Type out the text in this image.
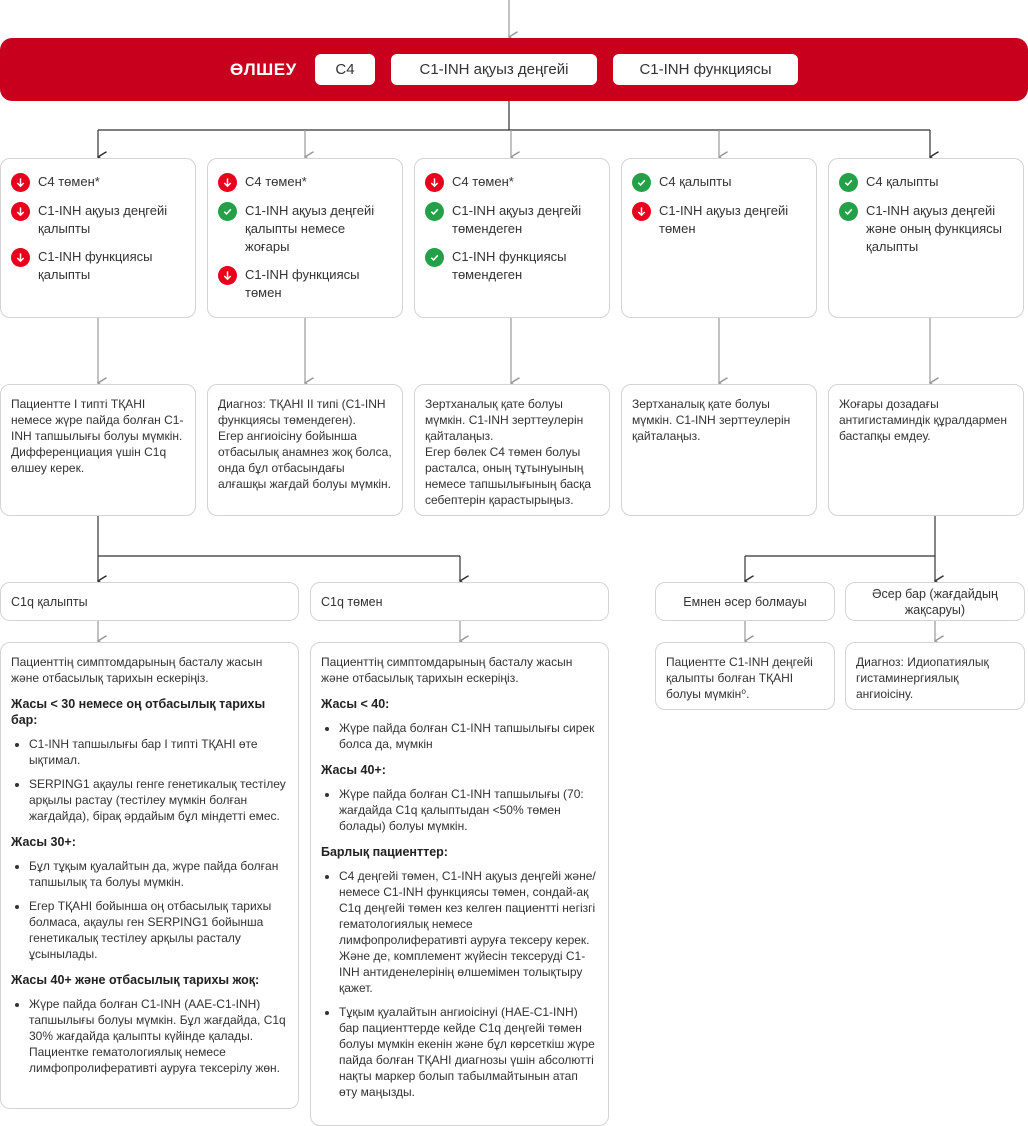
ӨЛШЕУ	C4	C1-INH ақуыз деңгейі	C1-INH функциясы
C4 төмен*
C1-INH ақуыз деңгейі қалыпты
C1-INH функциясы қалыпты
C4 төмен*
C1-INH ақуыз деңгейі қалыпты немесе жоғары
C1-INH функциясы төмен
C4 төмен*
C1-INH ақуыз деңгейі төмендеген
C1-INH функциясы төмендеген
C4 қалыпты
C1-INH ақуыз деңгейі төмен
C4 қалыпты
C1-INH ақуыз деңгейі және оның функциясы қалыпты
Пациентте I типті ТҚАНІ немесе жүре пайда болған C1-INH тапшылығы болуы мүмкін.
Дифференциация үшін C1q өлшеу керек.
Диагноз: ТҚАНІ II типі (C1-INH функциясы төмендеген).
Егер ангиоісіну бойынша отбасылық анамнез жоқ болса, онда бұл отбасындағы алғашқы жағдай болуы мүмкін.
Зертханалық қате болуы мүмкін. C1-INH зерттеулерін қайталаңыз.
Егер бөлек C4 төмен болуы расталса, оның тұтынуының немесе тапшылығының басқа себептерін қарастырыңыз.
Зертханалық қате болуы мүмкін. C1-INH зерттеулерін қайталаңыз.
Жоғары дозадағы антигистаминдік құралдармен бастапқы емдеу.
C1q қалыпты	C1q төмен	Емнен әсер болмауы
Әсер бар (жағдайдың жақсаруы)
Пациентте C1-INH деңгейі қалыпты болған ТҚАНІ болуы мүмкін⁰.
Диагноз: Идиопатиялық гистаминергиялық ангиоісіну.

Пациенттің симптомдарының басталу жасын және отбасылық тарихын ескеріңіз.

Жасы < 30 немесе оң отбасылық тарихы бар:
• C1-INH тапшылығы бар I типті ТҚАНІ өте ықтимал.
• SERPING1 ақаулы генге генетикалық тестілеу арқылы растау (тестілеу мүмкін болған жағдайда), бірақ әрдайым бұл міндетті емес.
Жасы 30+:
• Бұл тұқым қуалайтын да, жүре пайда болған тапшылық та болуы мүмкін.
• Егер ТҚАНІ бойынша оң отбасылық тарихы болмаса, ақаулы ген SERPING1 бойынша генетикалық тестілеу арқылы расталу ұсынылады.
Жасы 40+ және отбасылық тарихы жоқ:
• Жүре пайда болған C1-INH (AAE-C1-INH) тапшылығы болуы мүмкін. Бұл жағдайда, C1q 30% жағдайда қалыпты күйінде қалады. Пациентке гематологиялық немесе лимфопролиферативті ауруға тексерілу жөн.

Пациенттің симптомдарының басталу жасын және отбасылық тарихын ескеріңіз.

Жасы < 40:
• Жүре пайда болған C1-INH тапшылығы сирек болса да, мүмкін
Жасы 40+:
• Жүре пайда болған C1-INH тапшылығы (70: жағдайда C1q қалыптыдан <50% төмен болады) болуы мүмкін.
Барлық пациенттер:
• C4 деңгейі төмен, C1-INH ақуыз деңгейі және/немесе C1-INH функциясы төмен, сондай-ақ C1q деңгейі төмен кез келген пациентті негізгі гематологиялық немесе лимфопролиферативті ауруға тексеру керек. Және де, комплемент жүйесін тексеруді C1-INH антиденелерінің өлшемімен толықтыру қажет.
• Тұқым қуалайтын ангиоісінуі (HAE-C1-INH) бар пациенттерде кейде C1q деңгейі төмен болуы мүмкін екенін және бұл көрсеткіш жүре пайда болған ТҚАНІ диагнозы үшін абсолютті нақты маркер болып табылмайтынын атап өту маңызды.
